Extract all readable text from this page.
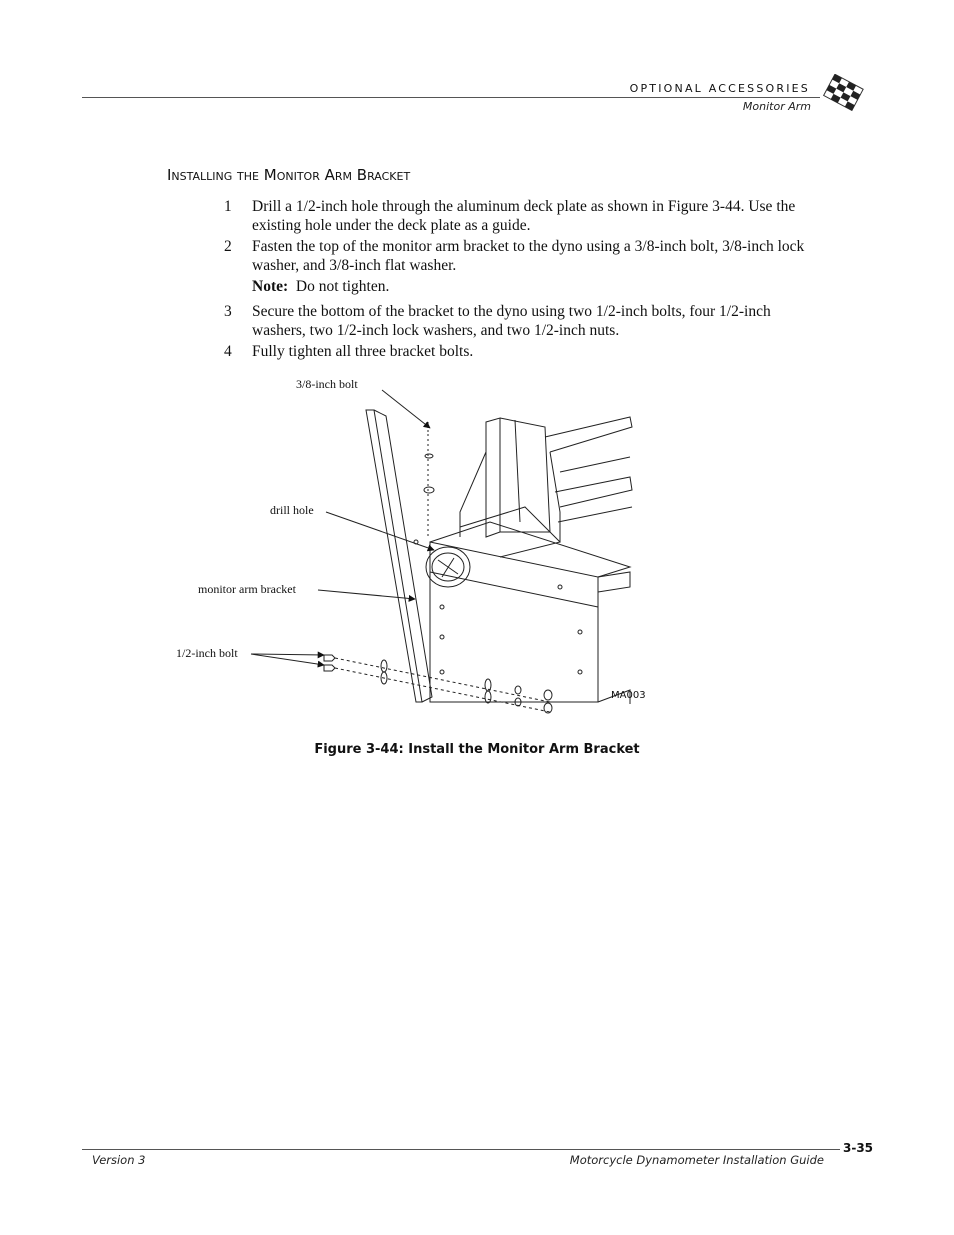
OPTIONAL ACCESSORIES
Monitor Arm
Installing the Monitor Arm Bracket
1 Drill a 1/2-inch hole through the aluminum deck plate as shown in Figure 3-44. Use the existing hole under the deck plate as a guide.
2 Fasten the top of the monitor arm bracket to the dyno using a 3/8-inch bolt, 3/8-inch lock washer, and 3/8-inch flat washer.
Note: Do not tighten.
3 Secure the bottom of the bracket to the dyno using two 1/2-inch bolts, four 1/2-inch washers, two 1/2-inch lock washers, and two 1/2-inch nuts.
4 Fully tighten all three bracket bolts.
3/8-inch bolt
drill hole
monitor arm bracket
1/2-inch bolt
MA003
Figure 3-44: Install the Monitor Arm Bracket
3-35
Version 3	Motorcycle Dynamometer Installation Guide
